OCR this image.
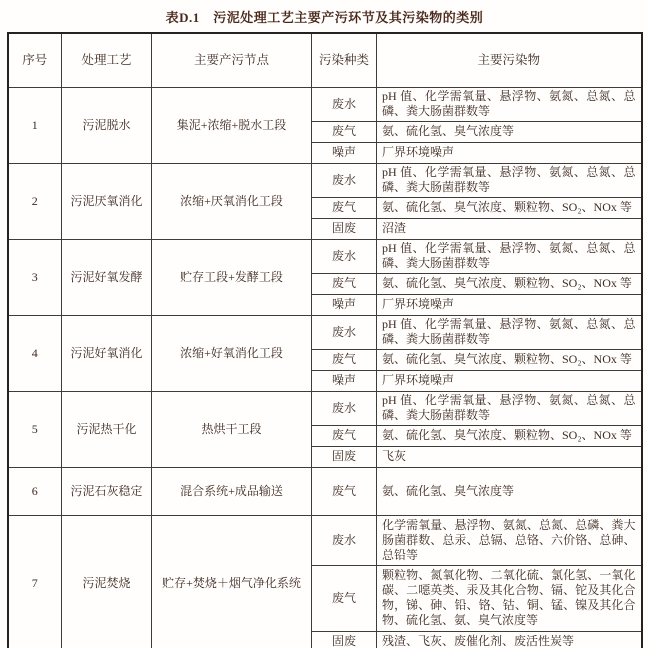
表D.1　污泥处理工艺主要产污环节及其污染物的类别
序号	处理工艺	主要产污节点	污染种类	主要污染物
1	污泥脱水	集泥+浓缩+脱水工段	废水	pH 值、化学需氧量、悬浮物、氨氮、总氮、总磷、粪大肠菌群数等
			废气	氨、硫化氢、臭气浓度等
			噪声	厂界环境噪声
2	污泥厌氧消化	浓缩+厌氧消化工段	废水	pH 值、化学需氧量、悬浮物、氨氮、总氮、总磷、粪大肠菌群数等
			废气	氨、硫化氢、臭气浓度、颗粒物、SO₂、NOx 等
			固废	沼渣
3	污泥好氧发酵	贮存工段+发酵工段	废水	pH 值、化学需氧量、悬浮物、氨氮、总氮、总磷、粪大肠菌群数等
			废气	氨、硫化氢、臭气浓度、颗粒物、SO₂、NOx 等
			噪声	厂界环境噪声
4	污泥好氧消化	浓缩+好氧消化工段	废水	pH 值、化学需氧量、悬浮物、氨氮、总氮、总磷、粪大肠菌群数等
			废气	氨、硫化氢、臭气浓度、颗粒物、SO₂、NOx 等
			噪声	厂界环境噪声
5	污泥热干化	热烘干工段	废水	pH 值、化学需氧量、悬浮物、氨氮、总氮、总磷、粪大肠菌群数等
			废气	氨、硫化氢、臭气浓度、颗粒物、SO₂、NOx 等
			固废	飞灰
6	污泥石灰稳定	混合系统+成品输送	废气	氨、硫化氢、臭气浓度等
7	污泥焚烧	贮存+焚烧＋烟气净化系统	废水	化学需氧量、悬浮物、氨氮、总氮、总磷、粪大肠菌群数、总汞、总镉、总铬、六价铬、总砷、总铅等
			废气	颗粒物、氮氧化物、二氧化硫、氯化氢、一氧化碳、二噁英类、汞及其化合物、镉、铊及其化合物，锑、砷、铅、铬、钴、铜、锰、镍及其化合物、硫化氢、氨、臭气浓度等
			固废	残渣、飞灰、废催化剂、废活性炭等
